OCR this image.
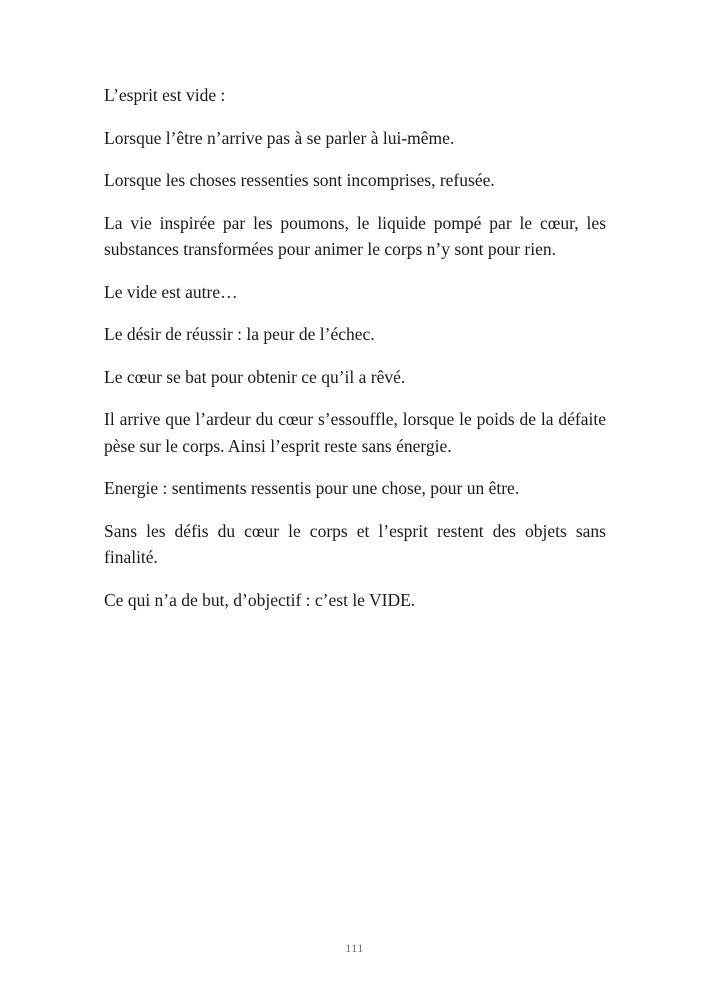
L’esprit est vide :

Lorsque l’être n’arrive pas à se parler à lui-même.

Lorsque les choses ressenties sont incomprises, refusée.

La vie inspirée par les poumons, le liquide pompé par le cœur, les substances transformées pour animer le corps n’y sont pour rien.

Le vide est autre…

Le désir de réussir : la peur de l’échec.

Le cœur se bat pour obtenir ce qu’il a rêvé.

Il arrive que l’ardeur du cœur s’essouffle, lorsque le poids de la défaite pèse sur le corps. Ainsi l’esprit reste sans énergie.

Energie : sentiments ressentis pour une chose, pour un être.

Sans les défis du cœur le corps et l’esprit restent des objets sans finalité.

Ce qui n’a de but, d’objectif : c’est le VIDE.

111
